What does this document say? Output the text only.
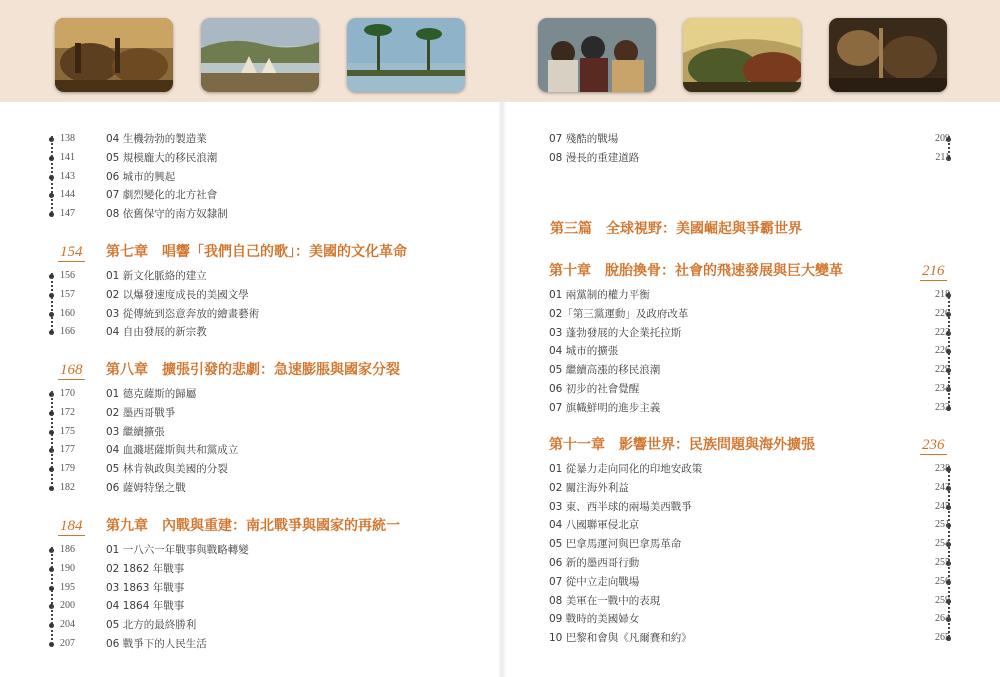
138	04 生機勃勃的製造業
141	05 規模龐大的移民浪潮
143	06 城市的興起
144	07 劇烈變化的北方社會
147	08 依舊保守的南方奴隸制
154 第七章　唱響「我們自己的歌」：美國的文化革命
156	01 新文化脈絡的建立
157	02 以爆發速度成長的美國文學
160	03 從傳統到恣意奔放的繪畫藝術
166	04 自由發展的新宗教
168 第八章　擴張引發的悲劇：急速膨脹與國家分裂
170	01 德克薩斯的歸屬
172	02 墨西哥戰爭
175	03 繼續擴張
177	04 血濺堪薩斯與共和黨成立
179	05 林肯執政與美國的分裂
182	06 薩姆特堡之戰
184 第九章　內戰與重建：南北戰爭與國家的再統一
186	01 一八六一年戰事與戰略轉變
190	02 1862 年戰事
195	03 1863 年戰事
200	04 1864 年戰事
204	05 北方的最終勝利
207	06 戰爭下的人民生活
07 殘酷的戰場	209
08 漫長的重建道路	211
第十章　脫胎換骨：社會的飛速發展與巨大變革	216
01 兩黨制的權力平衡	218
02「第三黨運動」及政府改革	220
03 蓬勃發展的大企業托拉斯	223
04 城市的擴張	226
05 繼續高漲的移民浪潮	229
06 初步的社會覺醒	234
07 旗幟鮮明的進步主義	232
第十一章　影響世界：民族問題與海外擴張	236
01 從暴力走向同化的印地安政策	238
02 關注海外利益	243
03 東、西半球的兩場美西戰爭	245
04 八國聯軍侵北京	251
05 巴拿馬運河與巴拿馬革命	254
06 新的墨西哥行動	255
07 從中立走向戰場	256
08 美軍在一戰中的表現	259
09 戰時的美國婦女	264
10 巴黎和會與《凡爾賽和約》	265
第三篇　全球視野：美國崛起與爭霸世界
